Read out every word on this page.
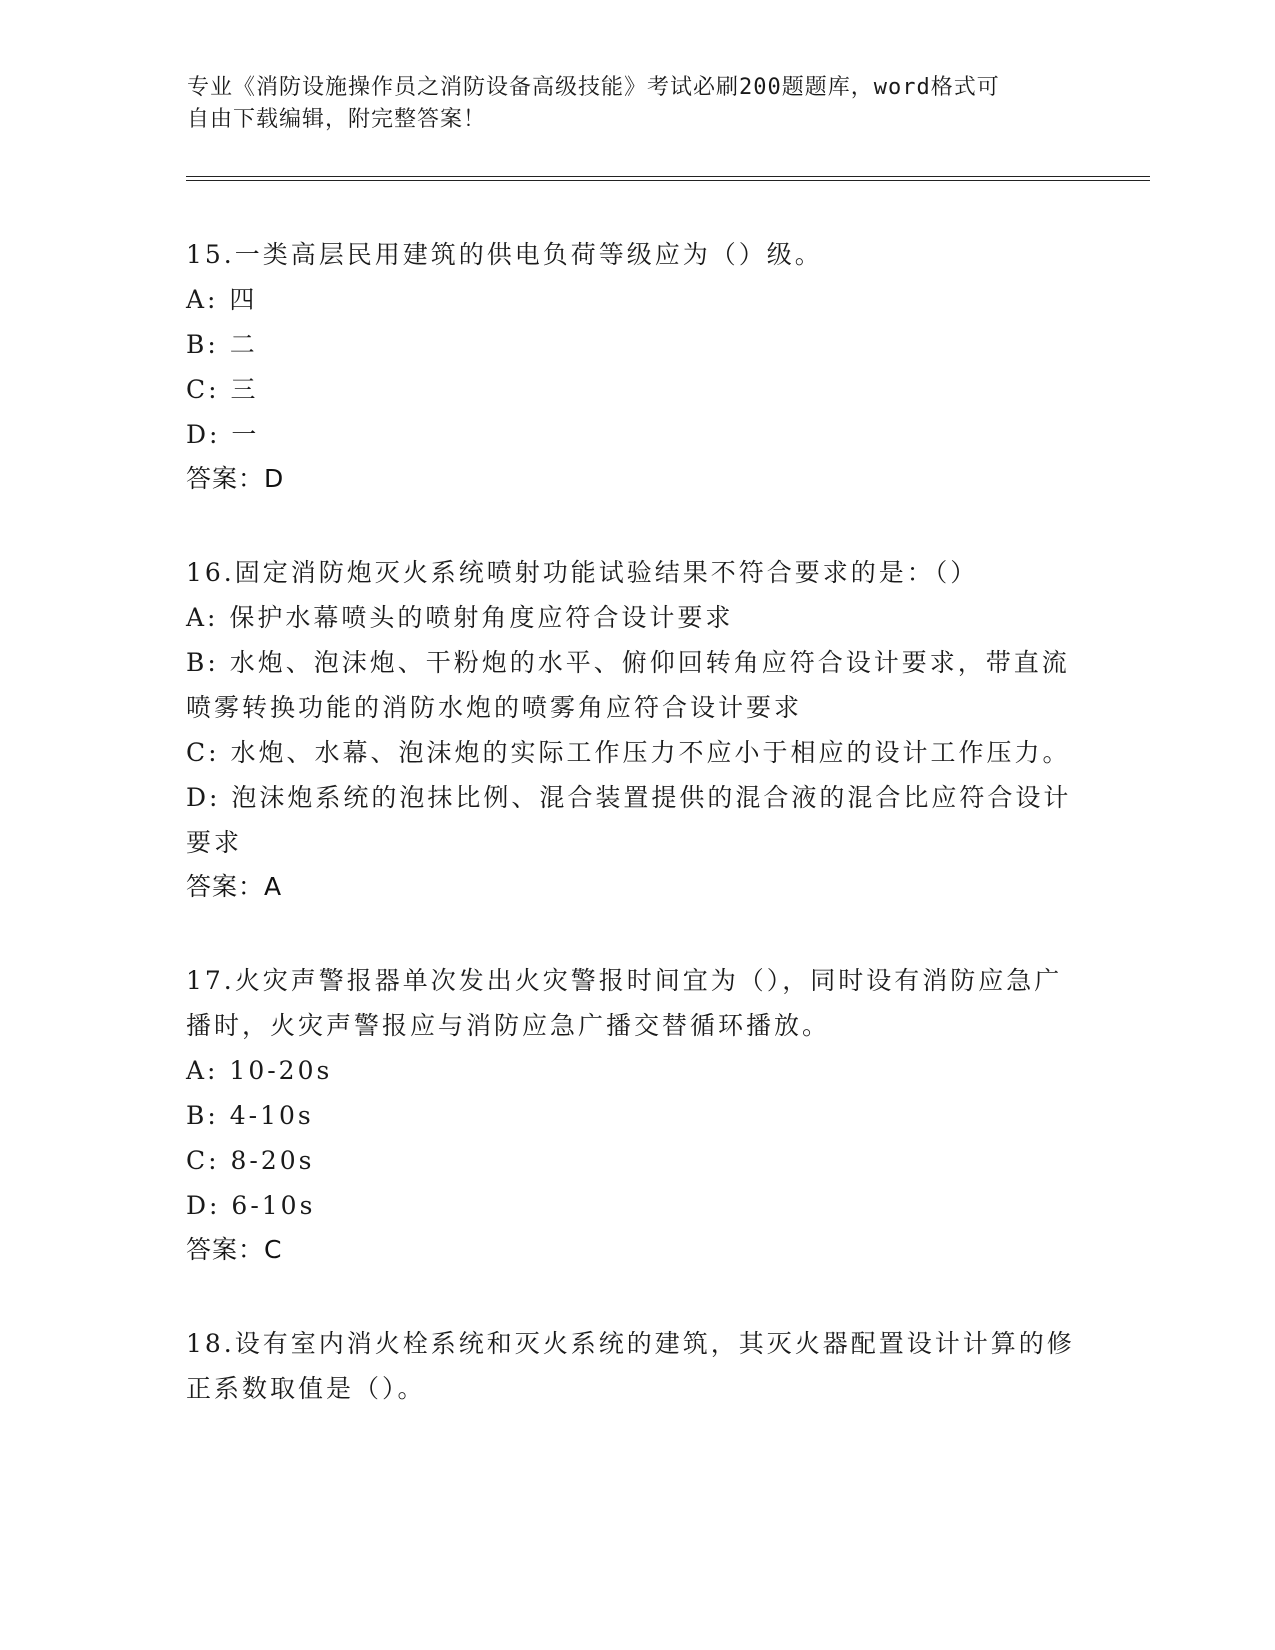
专业《消防设施操作员之消防设备高级技能》考试必刷200题题库，word格式可
自由下载编辑，附完整答案！

15.一类高层民用建筑的供电负荷等级应为（）级。

A: 四

B: 二

C: 三

D: 一

答案：D

16.固定消防炮灭火系统喷射功能试验结果不符合要求的是：（）

A: 保护水幕喷头的喷射角度应符合设计要求

B: 水炮、泡沫炮、干粉炮的水平、俯仰回转角应符合设计要求，带直流喷雾转换功能的消防水炮的喷雾角应符合设计要求

C: 水炮、水幕、泡沫炮的实际工作压力不应小于相应的设计工作压力。

D: 泡沫炮系统的泡抹比例、混合装置提供的混合液的混合比应符合设计要求

答案：A

17.火灾声警报器单次发出火灾警报时间宜为（），同时设有消防应急广播时，火灾声警报应与消防应急广播交替循环播放。

A: 10-20s

B: 4-10s

C: 8-20s

D: 6-10s

答案：C

18.设有室内消火栓系统和灭火系统的建筑，其灭火器配置设计计算的修正系数取值是（）。
